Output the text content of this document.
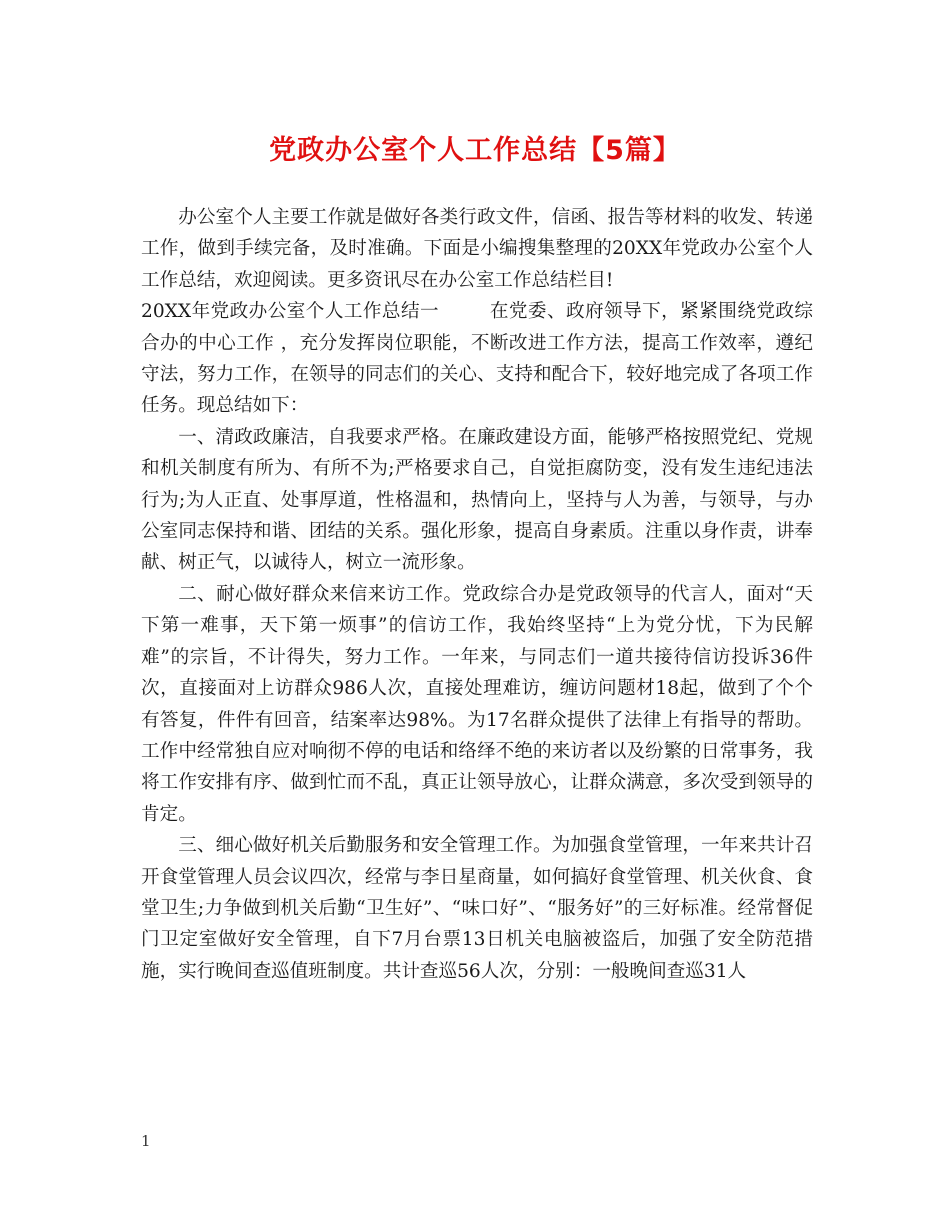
党政办公室个人工作总结【5篇】

办公室个人主要工作就是做好各类行政文件，信函、报告等材料的收发、转递工作，做到手续完备，及时准确。下面是小编搜集整理的20XX年党政办公室个人工作总结，欢迎阅读。更多资讯尽在办公室工作总结栏目!

20XX年党政办公室个人工作总结一	在党委、政府领导下，紧紧围绕党政综合办的中心工作 ，充分发挥岗位职能，不断改进工作方法，提高工作效率，遵纪守法，努力工作，在领导的同志们的关心、支持和配合下，较好地完成了各项工作任务。现总结如下：

一、清政政廉洁，自我要求严格。在廉政建设方面，能够严格按照党纪、党规和机关制度有所为、有所不为;严格要求自己，自觉拒腐防变，没有发生违纪违法行为;为人正直、处事厚道，性格温和，热情向上，坚持与人为善，与领导，与办公室同志保持和谐、团结的关系。强化形象，提高自身素质。注重以身作责，讲奉献、树正气，以诚待人，树立一流形象。

二、耐心做好群众来信来访工作。党政综合办是党政领导的代言人，面对“天下第一难事，天下第一烦事”的信访工作，我始终坚持“上为党分忧，下为民解难”的宗旨，不计得失，努力工作。一年来，与同志们一道共接待信访投诉36件次，直接面对上访群众986人次，直接处理难访，缠访问题材18起，做到了个个有答复，件件有回音，结案率达98%。为17名群众提供了法律上有指导的帮助。工作中经常独自应对响彻不停的电话和络绎不绝的来访者以及纷繁的日常事务，我将工作安排有序、做到忙而不乱，真正让领导放心，让群众满意，多次受到领导的肯定。

三、细心做好机关后勤服务和安全管理工作。为加强食堂管理，一年来共计召开食堂管理人员会议四次，经常与李日星商量，如何搞好食堂管理、机关伙食、食堂卫生;力争做到机关后勤“卫生好”、“味口好”、“服务好”的三好标准。经常督促门卫定室做好安全管理，自下7月台票13日机关电脑被盗后，加强了安全防范措施，实行晚间查巡值班制度。共计查巡56人次，分别：一般晚间查巡31人

1
